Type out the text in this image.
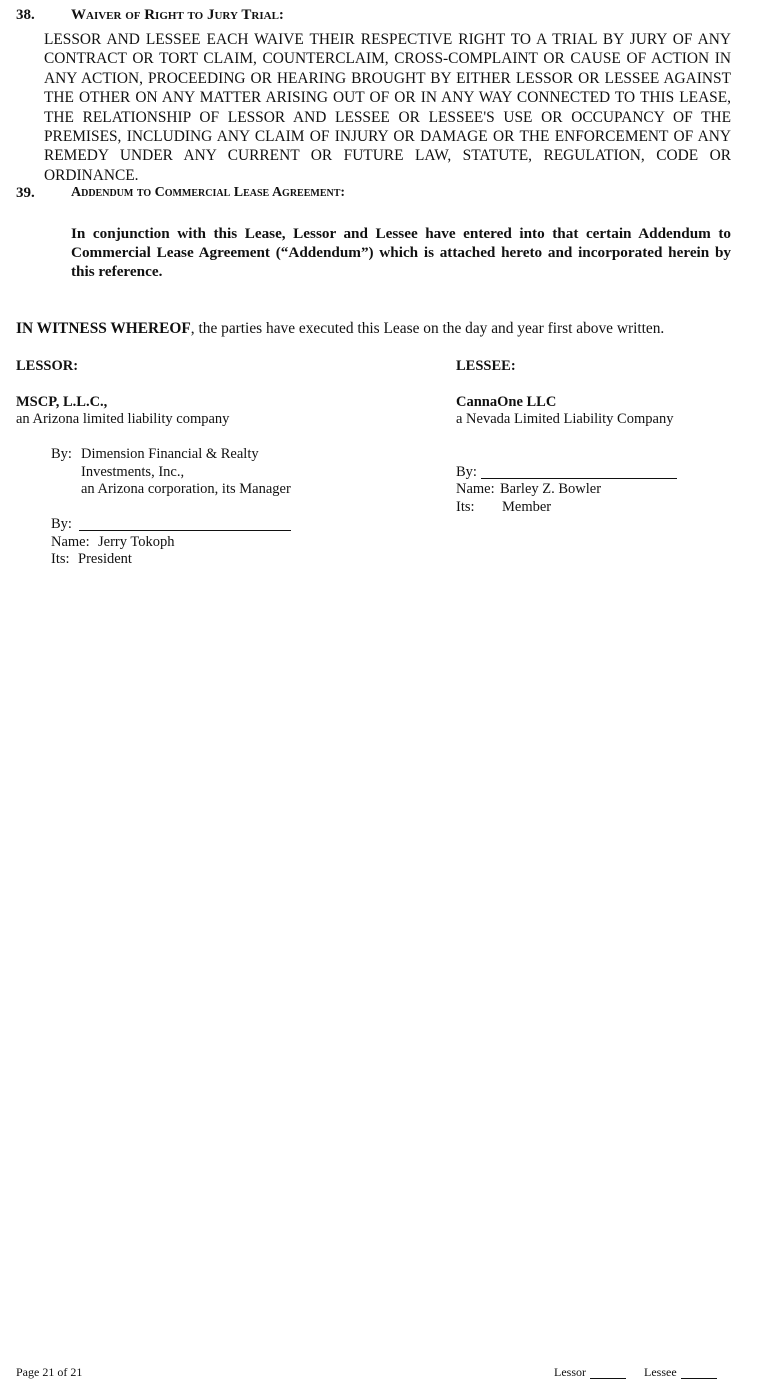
38. Waiver of Right to Jury Trial:
LESSOR AND LESSEE EACH WAIVE THEIR RESPECTIVE RIGHT TO A TRIAL BY JURY OF ANY CONTRACT OR TORT CLAIM, COUNTERCLAIM, CROSS-COMPLAINT OR CAUSE OF ACTION IN ANY ACTION, PROCEEDING OR HEARING BROUGHT BY EITHER LESSOR OR LESSEE AGAINST THE OTHER ON ANY MATTER ARISING OUT OF OR IN ANY WAY CONNECTED TO THIS LEASE, THE RELATIONSHIP OF LESSOR AND LESSEE OR LESSEE'S USE OR OCCUPANCY OF THE PREMISES, INCLUDING ANY CLAIM OF INJURY OR DAMAGE OR THE ENFORCEMENT OF ANY REMEDY UNDER ANY CURRENT OR FUTURE LAW, STATUTE, REGULATION, CODE OR ORDINANCE.
39.	Addendum to Commercial Lease Agreement:
In conjunction with this Lease, Lessor and Lessee have entered into that certain Addendum to Commercial Lease Agreement (“Addendum”) which is attached hereto and incorporated herein by this reference.
IN WITNESS WHEREOF, the parties have executed this Lease on the day and year first above written.
LESSOR:
MSCP, L.L.C.,
an Arizona limited liability company
By: Dimension Financial & Realty
Investments, Inc.,
an Arizona corporation, its Manager
By:
Name: Jerry Tokoph
Its: President
LESSEE:
CannaOne LLC
a Nevada Limited Liability Company
By:
Name: Barley Z. Bowler
Its: Member
Page 21 of 21	Lessor	Lessee
